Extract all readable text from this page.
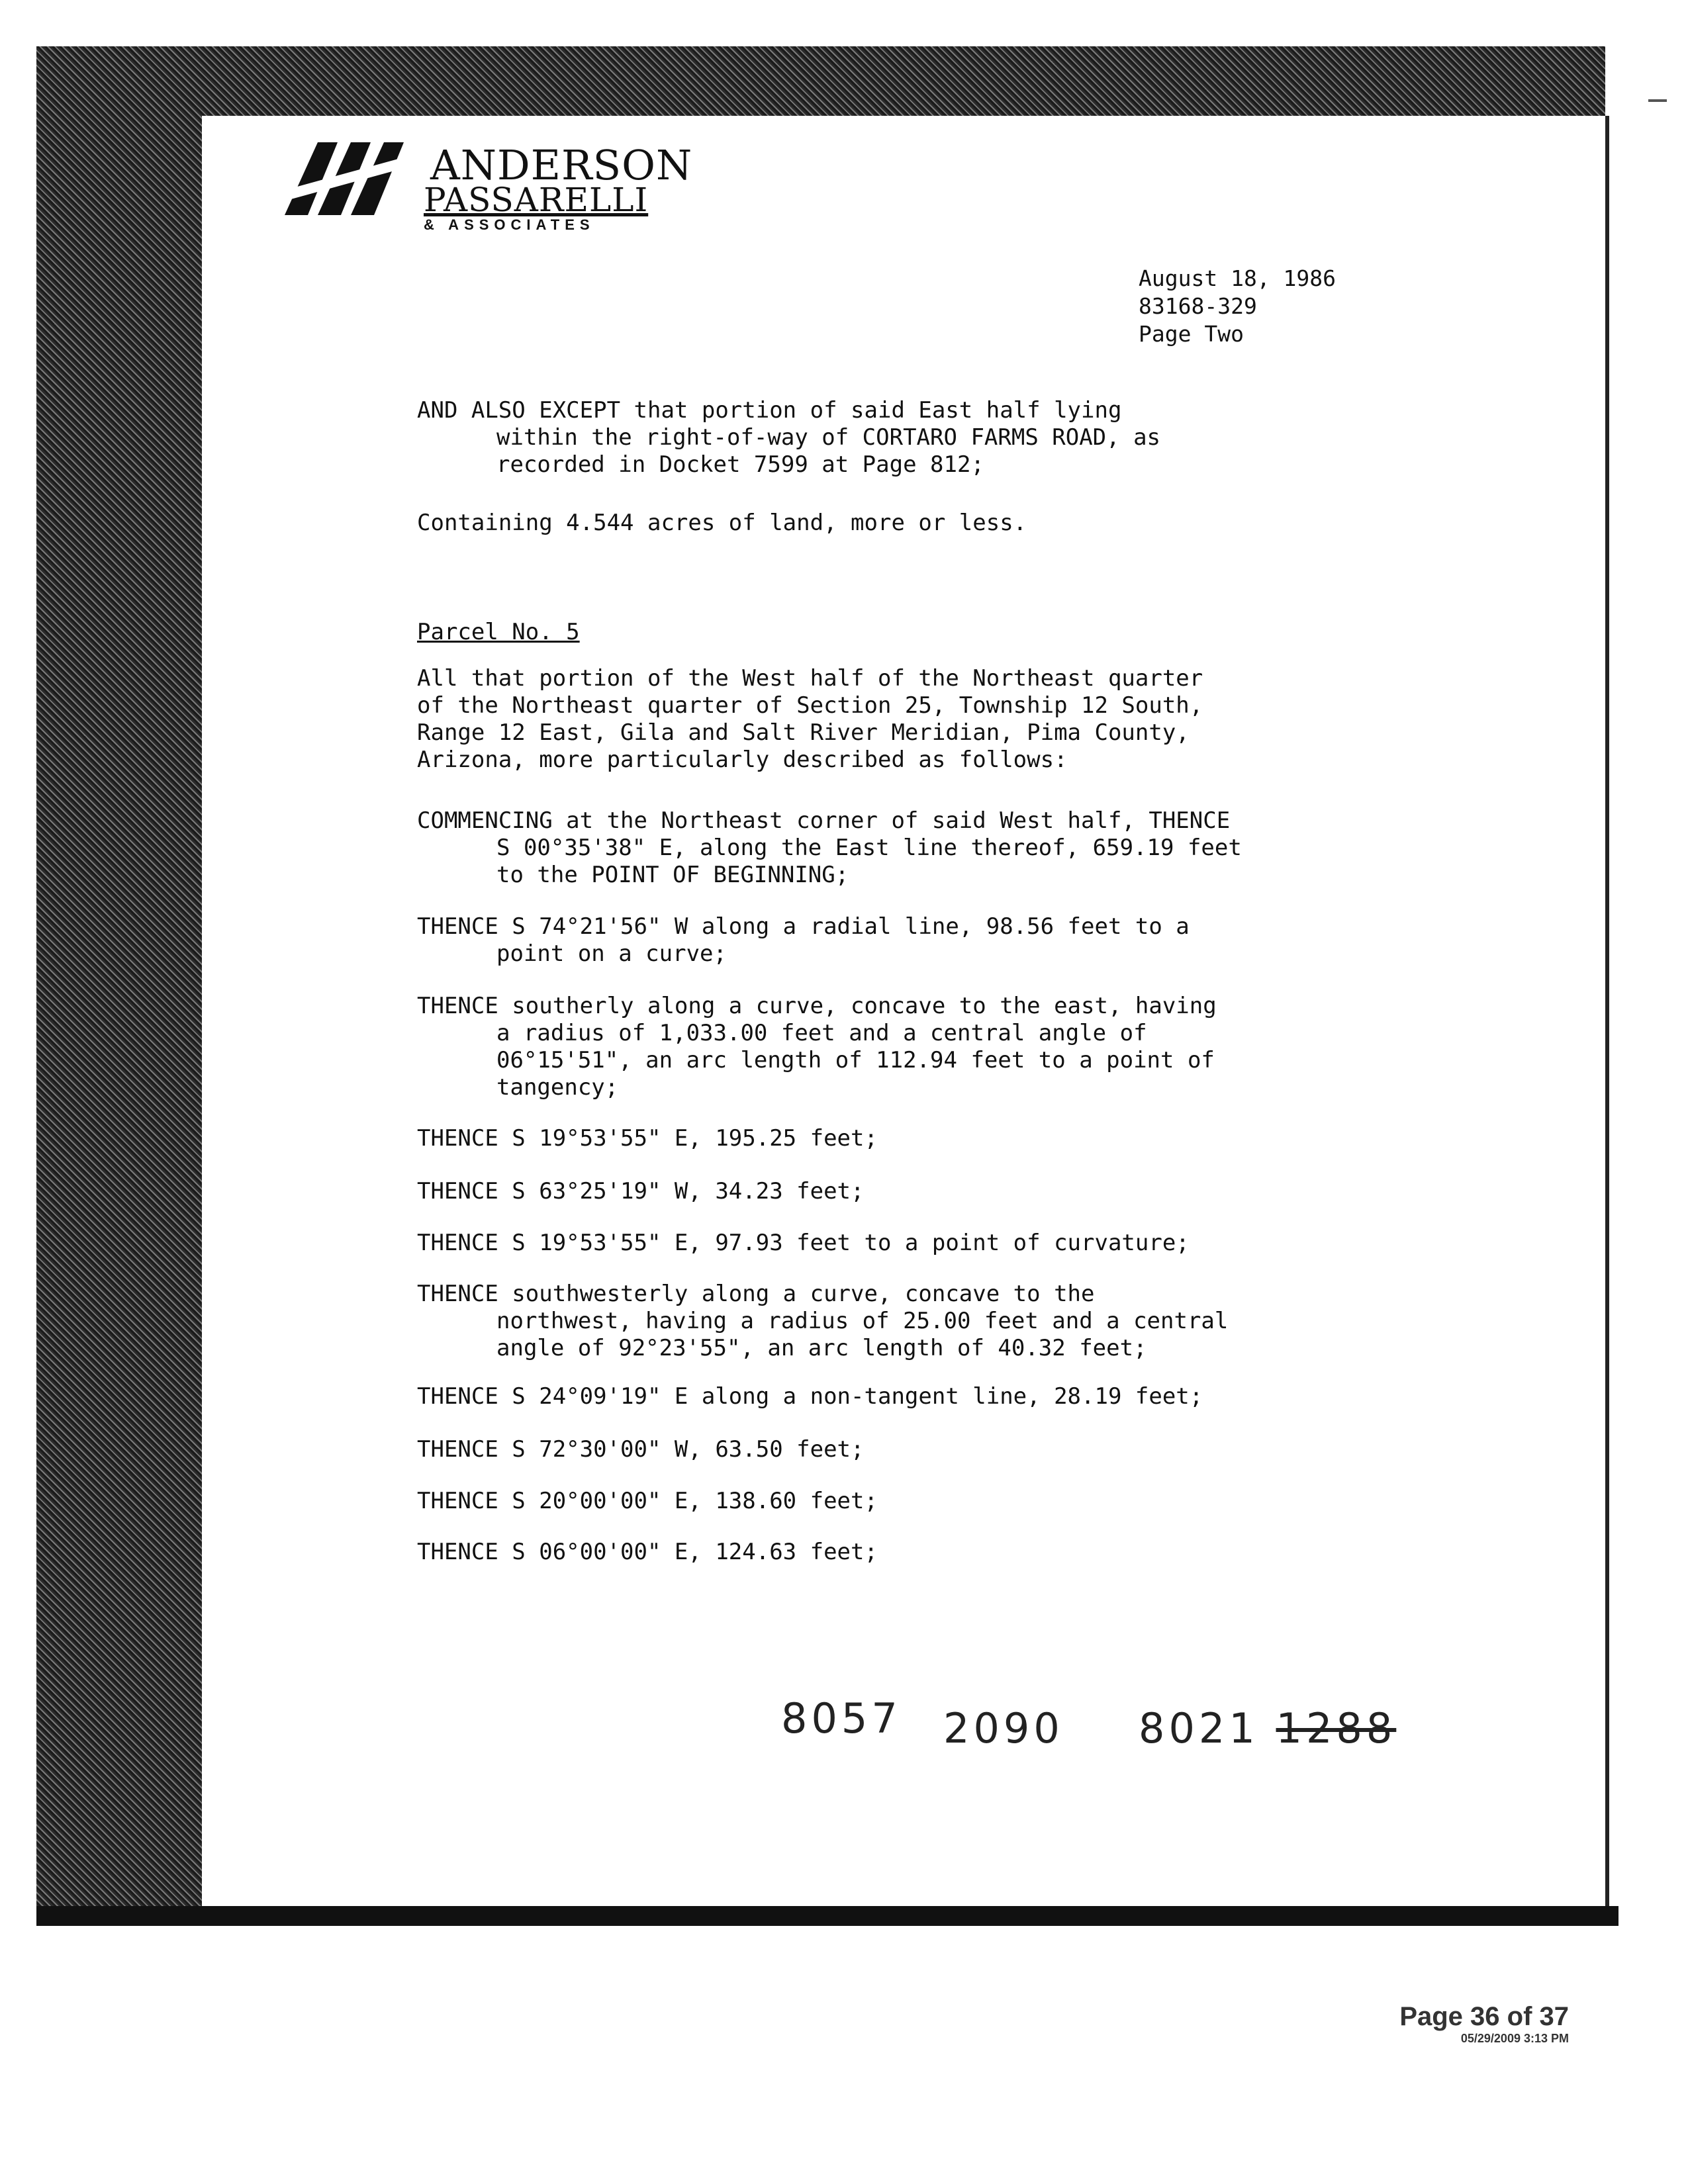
ANDERSON
PASSARELLI
& ASSOCIATES
August 18, 1986
83168-329
Page Two
AND ALSO EXCEPT that portion of said East half lying
within the right-of-way of CORTARO FARMS ROAD, as
recorded in Docket 7599 at Page 812;
Containing 4.544 acres of land, more or less.
Parcel No. 5
All that portion of the West half of the Northeast quarter
of the Northeast quarter of Section 25, Township 12 South,
Range 12 East, Gila and Salt River Meridian, Pima County,
Arizona, more particularly described as follows:
COMMENCING at the Northeast corner of said West half, THENCE
S 00°35'38" E, along the East line thereof, 659.19 feet
to the POINT OF BEGINNING;
THENCE S 74°21'56" W along a radial line, 98.56 feet to a
point on a curve;
THENCE southerly along a curve, concave to the east, having
a radius of 1,033.00 feet and a central angle of
06°15'51", an arc length of 112.94 feet to a point of
tangency;
THENCE S 19°53'55" E, 195.25 feet;
THENCE S 63°25'19" W, 34.23 feet;
THENCE S 19°53'55" E, 97.93 feet to a point of curvature;
THENCE southwesterly along a curve, concave to the
northwest, having a radius of 25.00 feet and a central
angle of 92°23'55", an arc length of 40.32 feet;
THENCE S 24°09'19" E along a non-tangent line, 28.19 feet;
THENCE S 72°30'00" W, 63.50 feet;
THENCE S 20°00'00" E, 138.60 feet;
THENCE S 06°00'00" E, 124.63 feet;
8057 2090 8021 1288
Page 36 of 37
05/29/2009 3:13 PM
